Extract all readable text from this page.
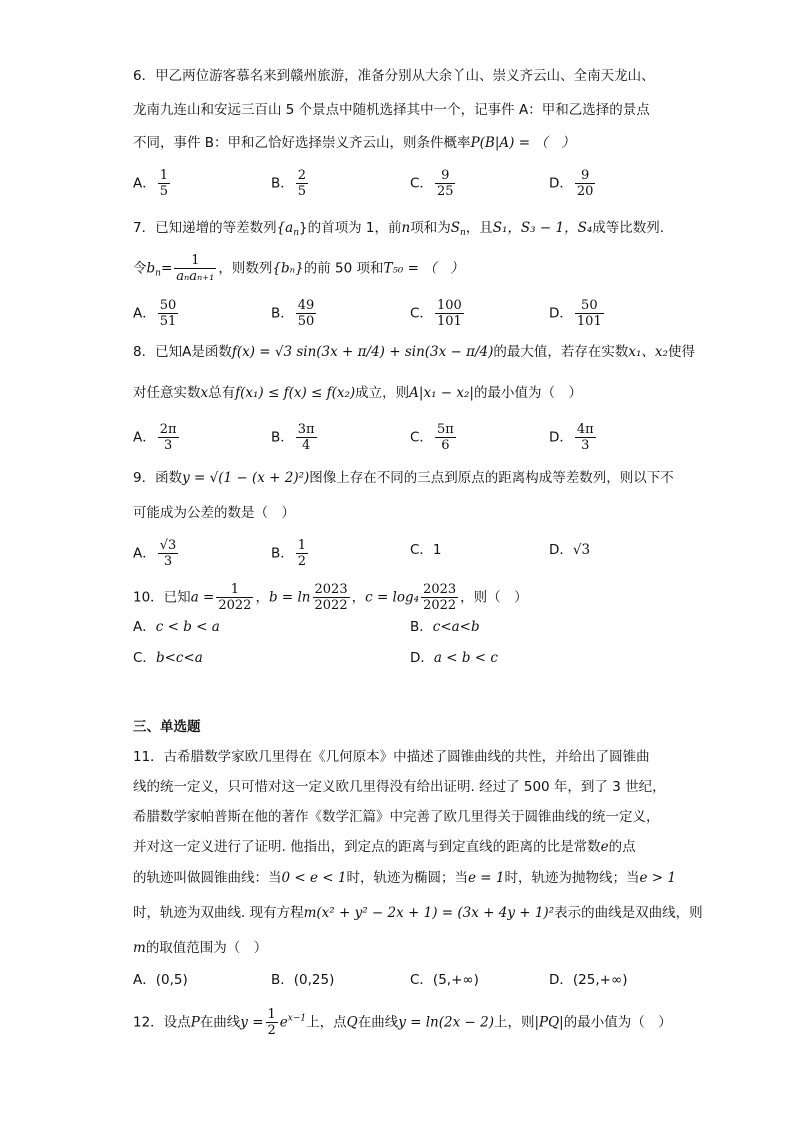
6．甲乙两位游客慕名来到赣州旅游，准备分别从大余丫山、崇义齐云山、全南天龙山、
龙南九连山和安远三百山 5 个景点中随机选择其中一个，记事件 A：甲和乙选择的景点
不同，事件 B：甲和乙恰好选择崇义齐云山，则条件概率P(B|A) = （　）
A． $\frac{1}{5}$	B． $\frac{2}{5}$	C． $\frac{9}{25}$	D． $\frac{9}{20}$
7．已知递增的等差数列$\{a_n\}$的首项为 1，前n项和为$S_n$，且S₁，S₃ − 1，S₄成等比数列.
令$b_n= \frac{1}{\text{aₙaₙ₊₁}}$ ，则数列{bₙ}的前 50 项和T₅₀ = （　）
A． $\frac{50}{51}$	B． $\frac{49}{50}$	C． $\frac{100}{101}$	D． $\frac{50}{101}$
8．已知A是函数f(x) = √3 sin(3x + π/4) + sin(3x − π/4)的最大值，若存在实数x₁、x₂使得
对任意实数x总有f(x₁) ≤ f(x) ≤ f(x₂)成立，则A|x₁ − x₂|的最小值为（　）
A． $\frac{2\pi}{3}$	B． $\frac{3\pi}{4}$	C． $\frac{5\pi}{6}$	D． $\frac{4\pi}{3}$
9．函数y = √(1 − (x + 2)²)图像上存在不同的三点到原点的距离构成等差数列，则以下不
可能成为公差的数是（　）
A． $\frac{√3}{3}$	B． $\frac{1}{2}$	C．1	D．√3
10．已知$a = \frac{1}{2022}$ ，$b = \ln \frac{2023}{2022}$ ，$c = \log_4 \frac{2023}{2022}$ ，则（　）
A．c < b < a	B．c<a<b
C．b<c<a	D．a < b < c
三、单选题
11．古希腊数学家欧几里得在《几何原本》中描述了圆锥曲线的共性，并给出了圆锥曲
线的统一定义，只可惜对这一定义欧几里得没有给出证明. 经过了 500 年，到了 3 世纪，
希腊数学家帕普斯在他的著作《数学汇篇》中完善了欧几里得关于圆锥曲线的统一定义，
并对这一定义进行了证明. 他指出，到定点的距离与到定直线的距离的比是常数e的点
的轨迹叫做圆锥曲线：当0 < e < 1时，轨迹为椭圆；当e = 1时，轨迹为抛物线；当e > 1
时，轨迹为双曲线. 现有方程m(x² + y² − 2x + 1) = (3x + 4y + 1)²表示的曲线是双曲线，则
m的取值范围为（　）
A．(0,5)	B．(0,25)	C．(5,+∞)	D．(25,+∞)
12．设点P在曲线$y = \frac{1}{2} e^{x-1}$上，点Q在曲线y = ln(2x − 2)上，则|PQ|的最小值为（　）
